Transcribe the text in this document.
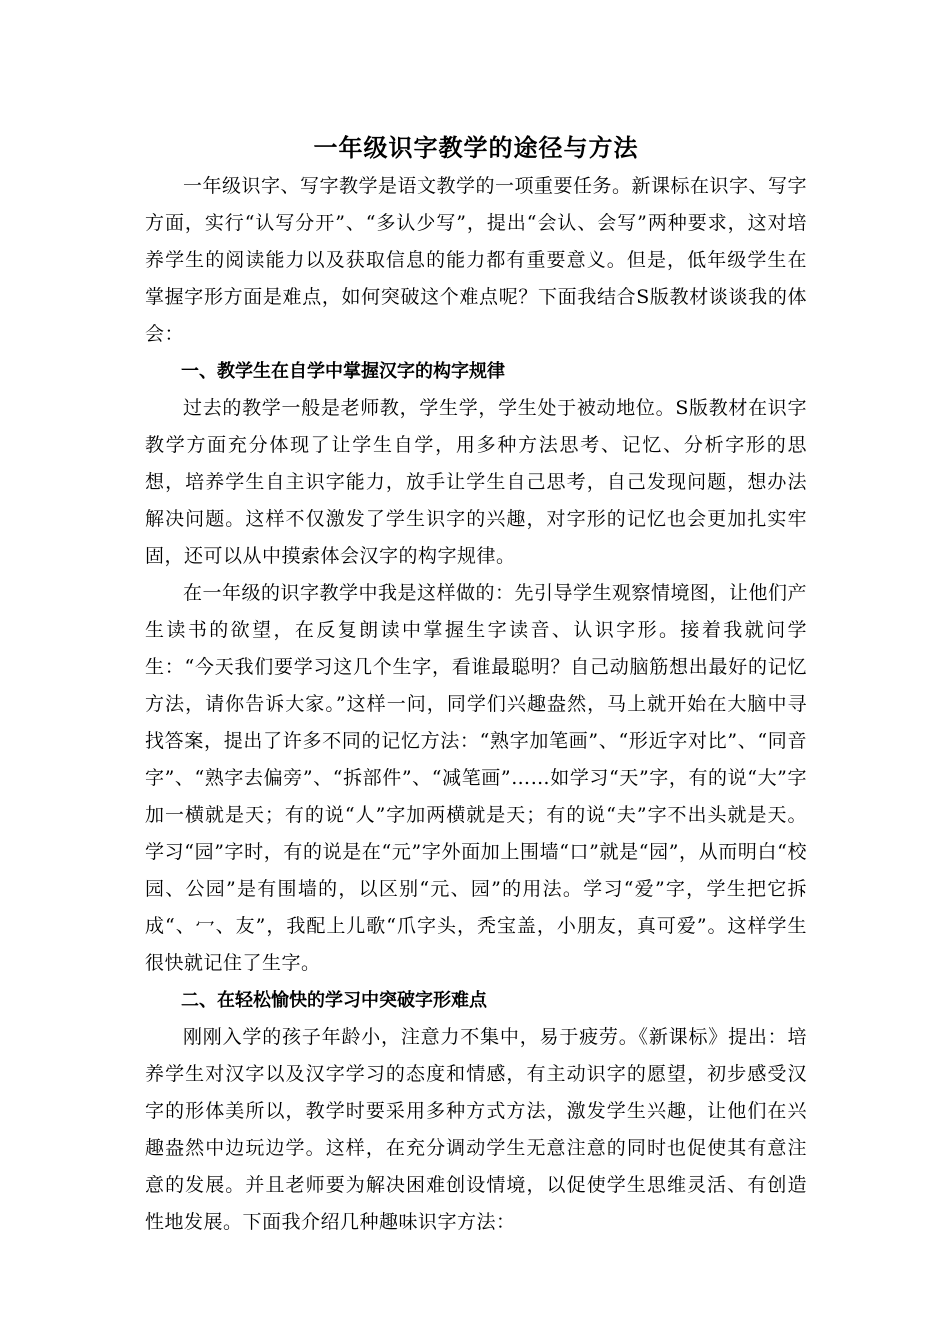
一年级识字教学的途径与方法

一年级识字、写字教学是语文教学的一项重要任务。新课标在识字、写字方面，实行“认写分开”、“多认少写”，提出“会认、会写”两种要求，这对培养学生的阅读能力以及获取信息的能力都有重要意义。但是，低年级学生在掌握字形方面是难点，如何突破这个难点呢？下面我结合S版教材谈谈我的体会：

一、教学生在自学中掌握汉字的构字规律

过去的教学一般是老师教，学生学，学生处于被动地位。S版教材在识字教学方面充分体现了让学生自学，用多种方法思考、记忆、分析字形的思想，培养学生自主识字能力，放手让学生自己思考，自己发现问题，想办法解决问题。这样不仅激发了学生识字的兴趣，对字形的记忆也会更加扎实牢固，还可以从中摸索体会汉字的构字规律。

在一年级的识字教学中我是这样做的：先引导学生观察情境图，让他们产生读书的欲望，在反复朗读中掌握生字读音、认识字形。接着我就问学生：“今天我们要学习这几个生字，看谁最聪明？自己动脑筋想出最好的记忆方法，请你告诉大家。”这样一问，同学们兴趣盎然，马上就开始在大脑中寻找答案，提出了许多不同的记忆方法：“熟字加笔画”、“形近字对比”、“同音字”、“熟字去偏旁”、“拆部件”、“减笔画”……如学习“天”字，有的说“大”字加一横就是天；有的说“人”字加两横就是天；有的说“夫”字不出头就是天。学习“园”字时，有的说是在“元”字外面加上围墙“口”就是“园”，从而明白“校园、公园”是有围墙的，以区别“元、园”的用法。学习“爱”字，学生把它拆成“、冖、友”，我配上儿歌“爪字头，秃宝盖，小朋友，真可爱”。这样学生很快就记住了生字。

二、在轻松愉快的学习中突破字形难点

刚刚入学的孩子年龄小，注意力不集中，易于疲劳。《新课标》提出：培养学生对汉字以及汉字学习的态度和情感，有主动识字的愿望，初步感受汉字的形体美所以，教学时要采用多种方式方法，激发学生兴趣，让他们在兴趣盎然中边玩边学。这样，在充分调动学生无意注意的同时也促使其有意注意的发展。并且老师要为解决困难创设情境，以促使学生思维灵活、有创造性地发展。下面我介绍几种趣味识字方法：
